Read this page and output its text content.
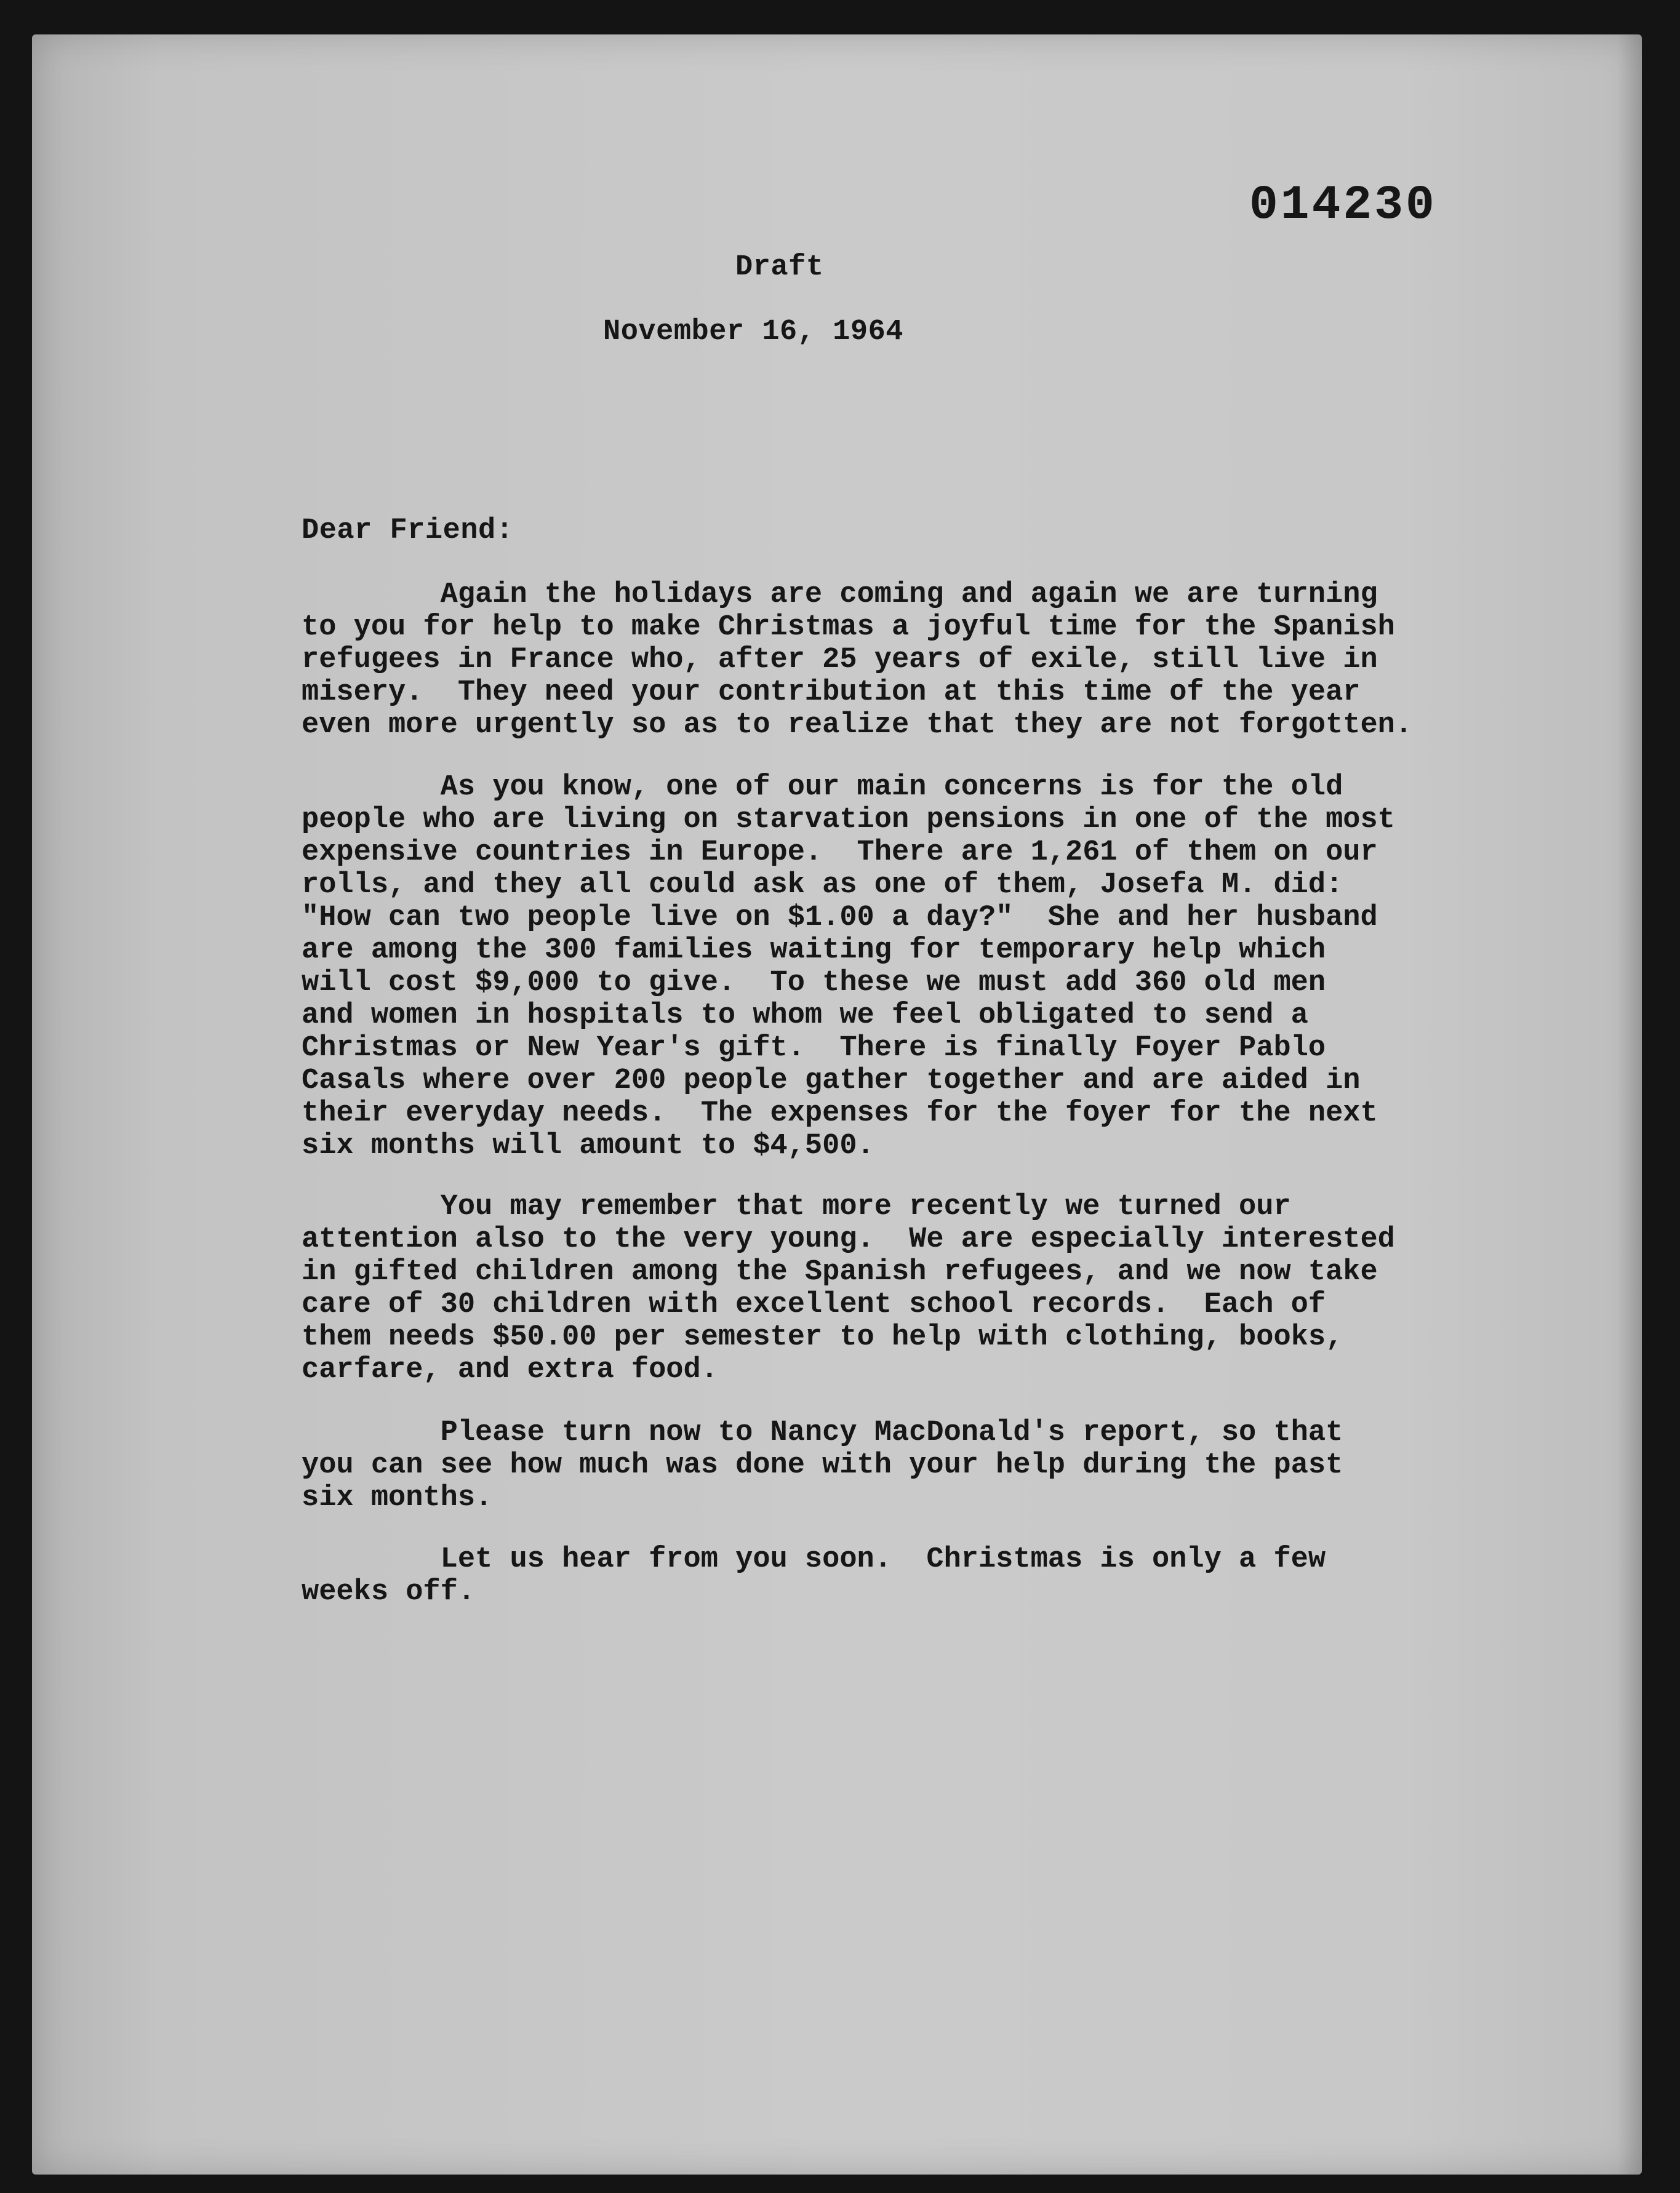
014230
Draft
November 16, 1964
Dear Friend:

Again the holidays are coming and again we are turning
to you for help to make Christmas a joyful time for the Spanish
refugees in France who, after 25 years of exile, still live in
misery.  They need your contribution at this time of the year
even more urgently so as to realize that they are not forgotten.

As you know, one of our main concerns is for the old
people who are living on starvation pensions in one of the most
expensive countries in Europe.  There are 1,261 of them on our
rolls, and they all could ask as one of them, Josefa M. did:
"How can two people live on $1.00 a day?"  She and her husband
are among the 300 families waiting for temporary help which
will cost $9,000 to give.  To these we must add 360 old men
and women in hospitals to whom we feel obligated to send a
Christmas or New Year's gift.  There is finally Foyer Pablo
Casals where over 200 people gather together and are aided in
their everyday needs.  The expenses for the foyer for the next
six months will amount to $4,500.

You may remember that more recently we turned our
attention also to the very young.  We are especially interested
in gifted children among the Spanish refugees, and we now take
care of 30 children with excellent school records.  Each of
them needs $50.00 per semester to help with clothing, books,
carfare, and extra food.

Please turn now to Nancy MacDonald's report, so that
you can see how much was done with your help during the past
six months.

Let us hear from you soon.  Christmas is only a few
weeks off.
